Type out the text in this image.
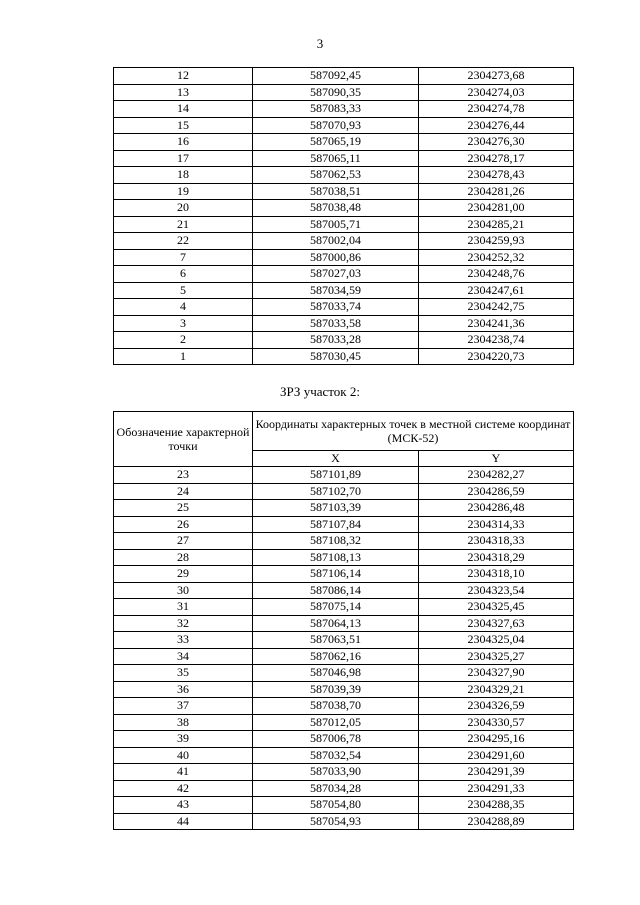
3
12	587092,45	2304273,68
13	587090,35	2304274,03
14	587083,33	2304274,78
15	587070,93	2304276,44
16	587065,19	2304276,30
17	587065,11	2304278,17
18	587062,53	2304278,43
19	587038,51	2304281,26
20	587038,48	2304281,00
21	587005,71	2304285,21
22	587002,04	2304259,93
7	587000,86	2304252,32
6	587027,03	2304248,76
5	587034,59	2304247,61
4	587033,74	2304242,75
3	587033,58	2304241,36
2	587033,28	2304238,74
1	587030,45	2304220,73
ЗРЗ участок 2:
Обозначение характерной точки	Координаты характерных точек в местной системе координат (МСК-52)	
	X	Y
23	587101,89	2304282,27
24	587102,70	2304286,59
25	587103,39	2304286,48
26	587107,84	2304314,33
27	587108,32	2304318,33
28	587108,13	2304318,29
29	587106,14	2304318,10
30	587086,14	2304323,54
31	587075,14	2304325,45
32	587064,13	2304327,63
33	587063,51	2304325,04
34	587062,16	2304325,27
35	587046,98	2304327,90
36	587039,39	2304329,21
37	587038,70	2304326,59
38	587012,05	2304330,57
39	587006,78	2304295,16
40	587032,54	2304291,60
41	587033,90	2304291,39
42	587034,28	2304291,33
43	587054,80	2304288,35
44	587054,93	2304288,89
